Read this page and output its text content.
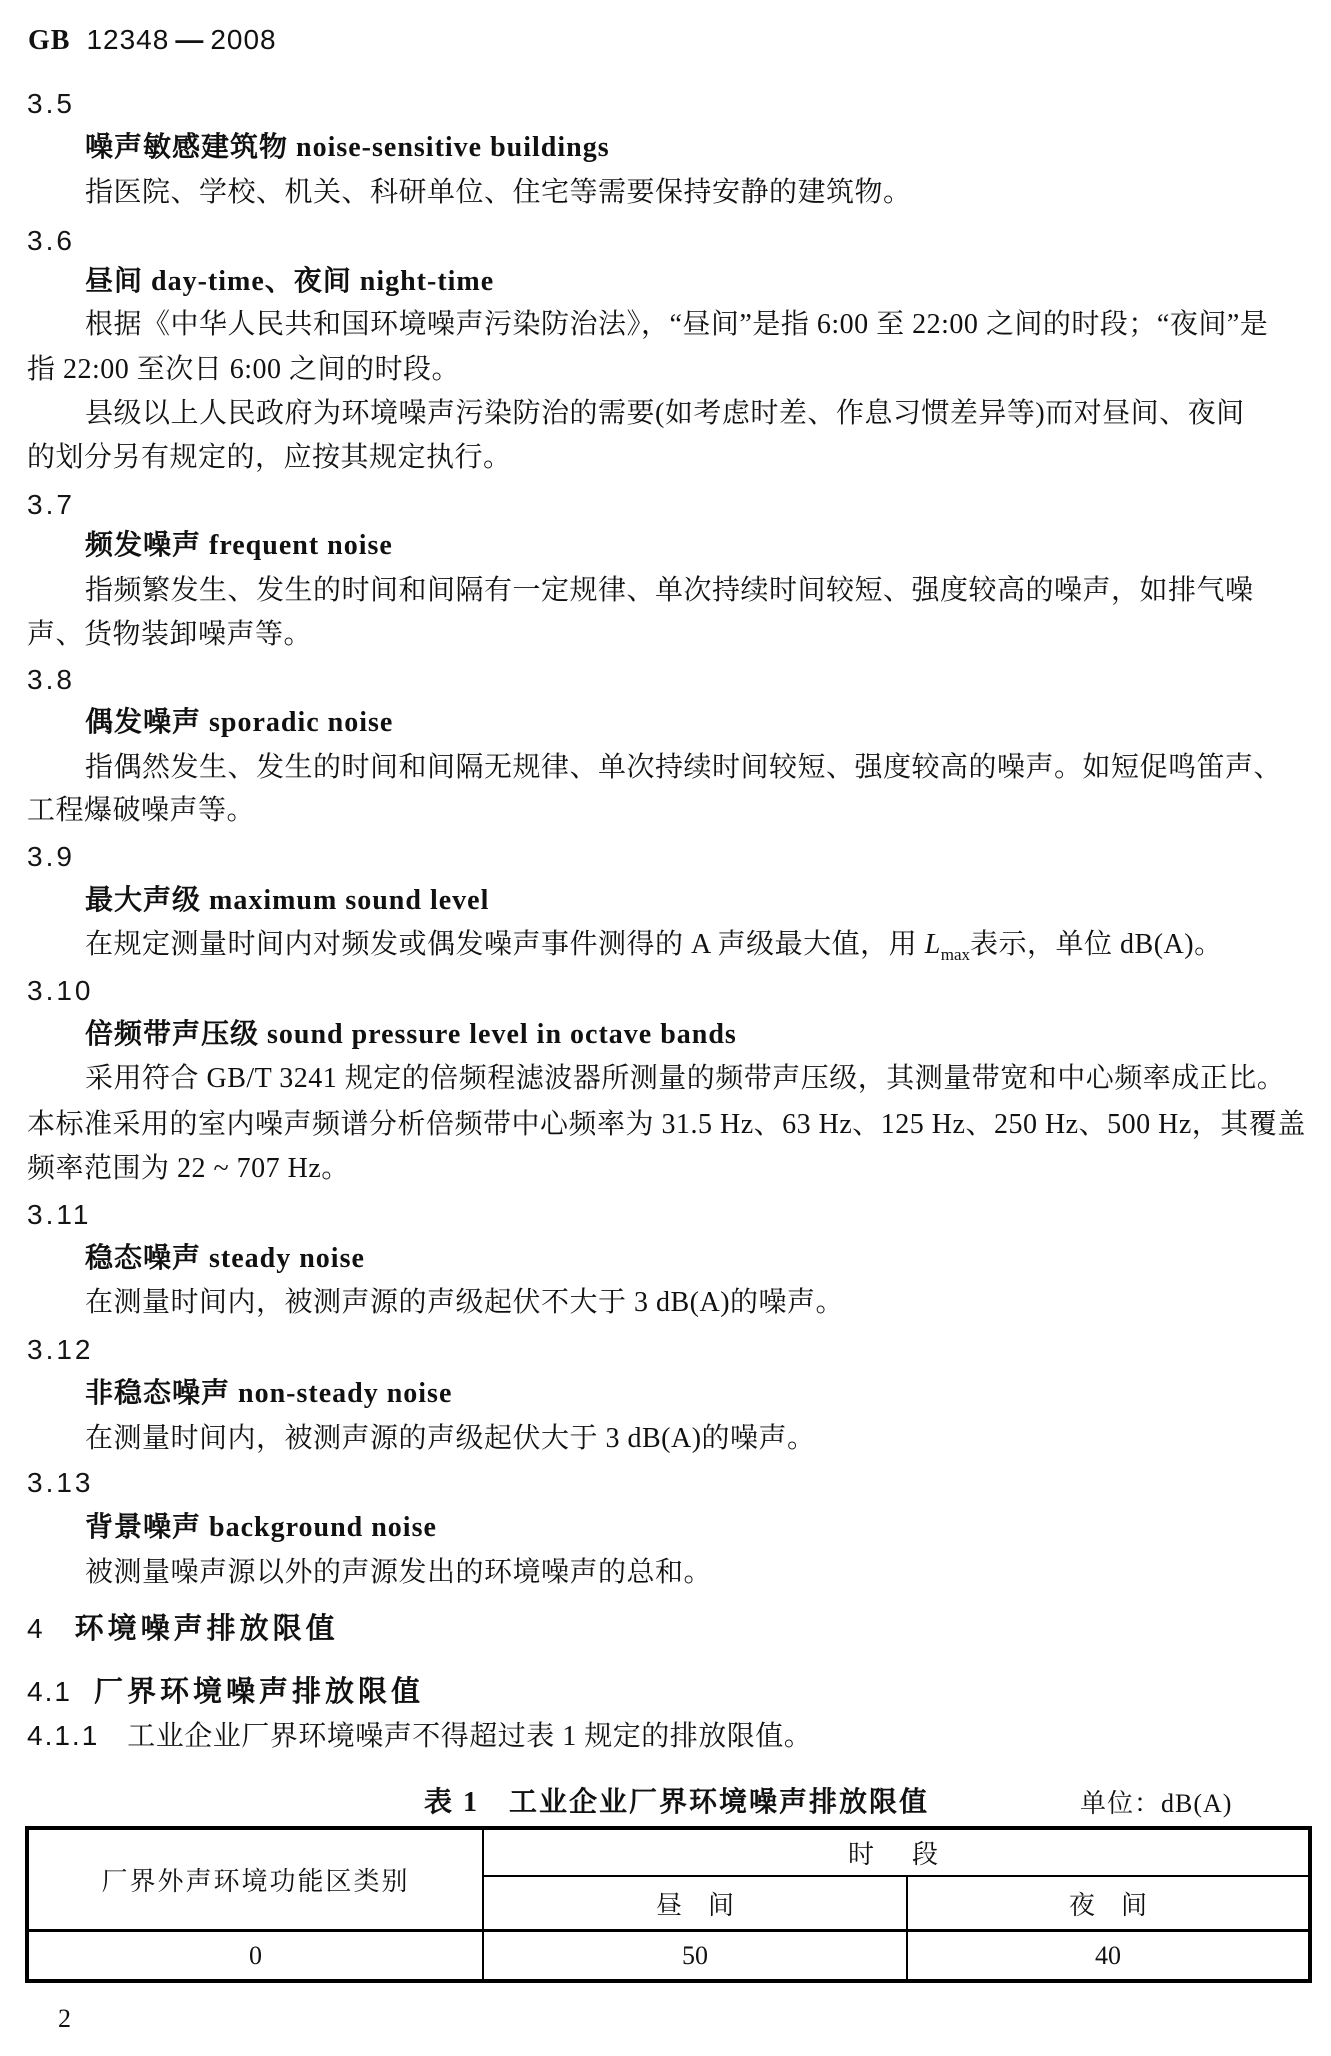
GB 12348 — 2008
3.5
噪声敏感建筑物 noise-sensitive buildings
指医院、学校、机关、科研单位、住宅等需要保持安静的建筑物。
3.6
昼间 day-time、夜间 night-time
根据《中华人民共和国环境噪声污染防治法》，“昼间”是指 6:00 至 22:00 之间的时段；“夜间”是
指 22:00 至次日 6:00 之间的时段。
县级以上人民政府为环境噪声污染防治的需要(如考虑时差、作息习惯差异等)而对昼间、夜间
的划分另有规定的，应按其规定执行。
3.7
频发噪声 frequent noise
指频繁发生、发生的时间和间隔有一定规律、单次持续时间较短、强度较高的噪声，如排气噪
声、货物装卸噪声等。
3.8
偶发噪声 sporadic noise
指偶然发生、发生的时间和间隔无规律、单次持续时间较短、强度较高的噪声。如短促鸣笛声、
工程爆破噪声等。
3.9
最大声级 maximum sound level
在规定测量时间内对频发或偶发噪声事件测得的 A 声级最大值，用 $L_{max}$表示，单位 dB(A)。
3.10
倍频带声压级 sound pressure level in octave bands
采用符合 GB/T 3241 规定的倍频程滤波器所测量的频带声压级，其测量带宽和中心频率成正比。
本标准采用的室内噪声频谱分析倍频带中心频率为 31.5 Hz、63 Hz、125 Hz、250 Hz、500 Hz，其覆盖
频率范围为 22 ~ 707 Hz。
3.11
稳态噪声 steady noise
在测量时间内，被测声源的声级起伏不大于 3 dB(A)的噪声。
3.12
非稳态噪声 non-steady noise
在测量时间内，被测声源的声级起伏大于 3 dB(A)的噪声。
3.13
背景噪声 background noise
被测量噪声源以外的声源发出的环境噪声的总和。
4 环境噪声排放限值
4.1 厂界环境噪声排放限值
4.1.1 工业企业厂界环境噪声不得超过表 1 规定的排放限值。
表 1　工业企业厂界环境噪声排放限值	单位：dB(A)
厂界外声环境功能区类别	时　段	
	昼　间	夜　间
0	50	40
2
